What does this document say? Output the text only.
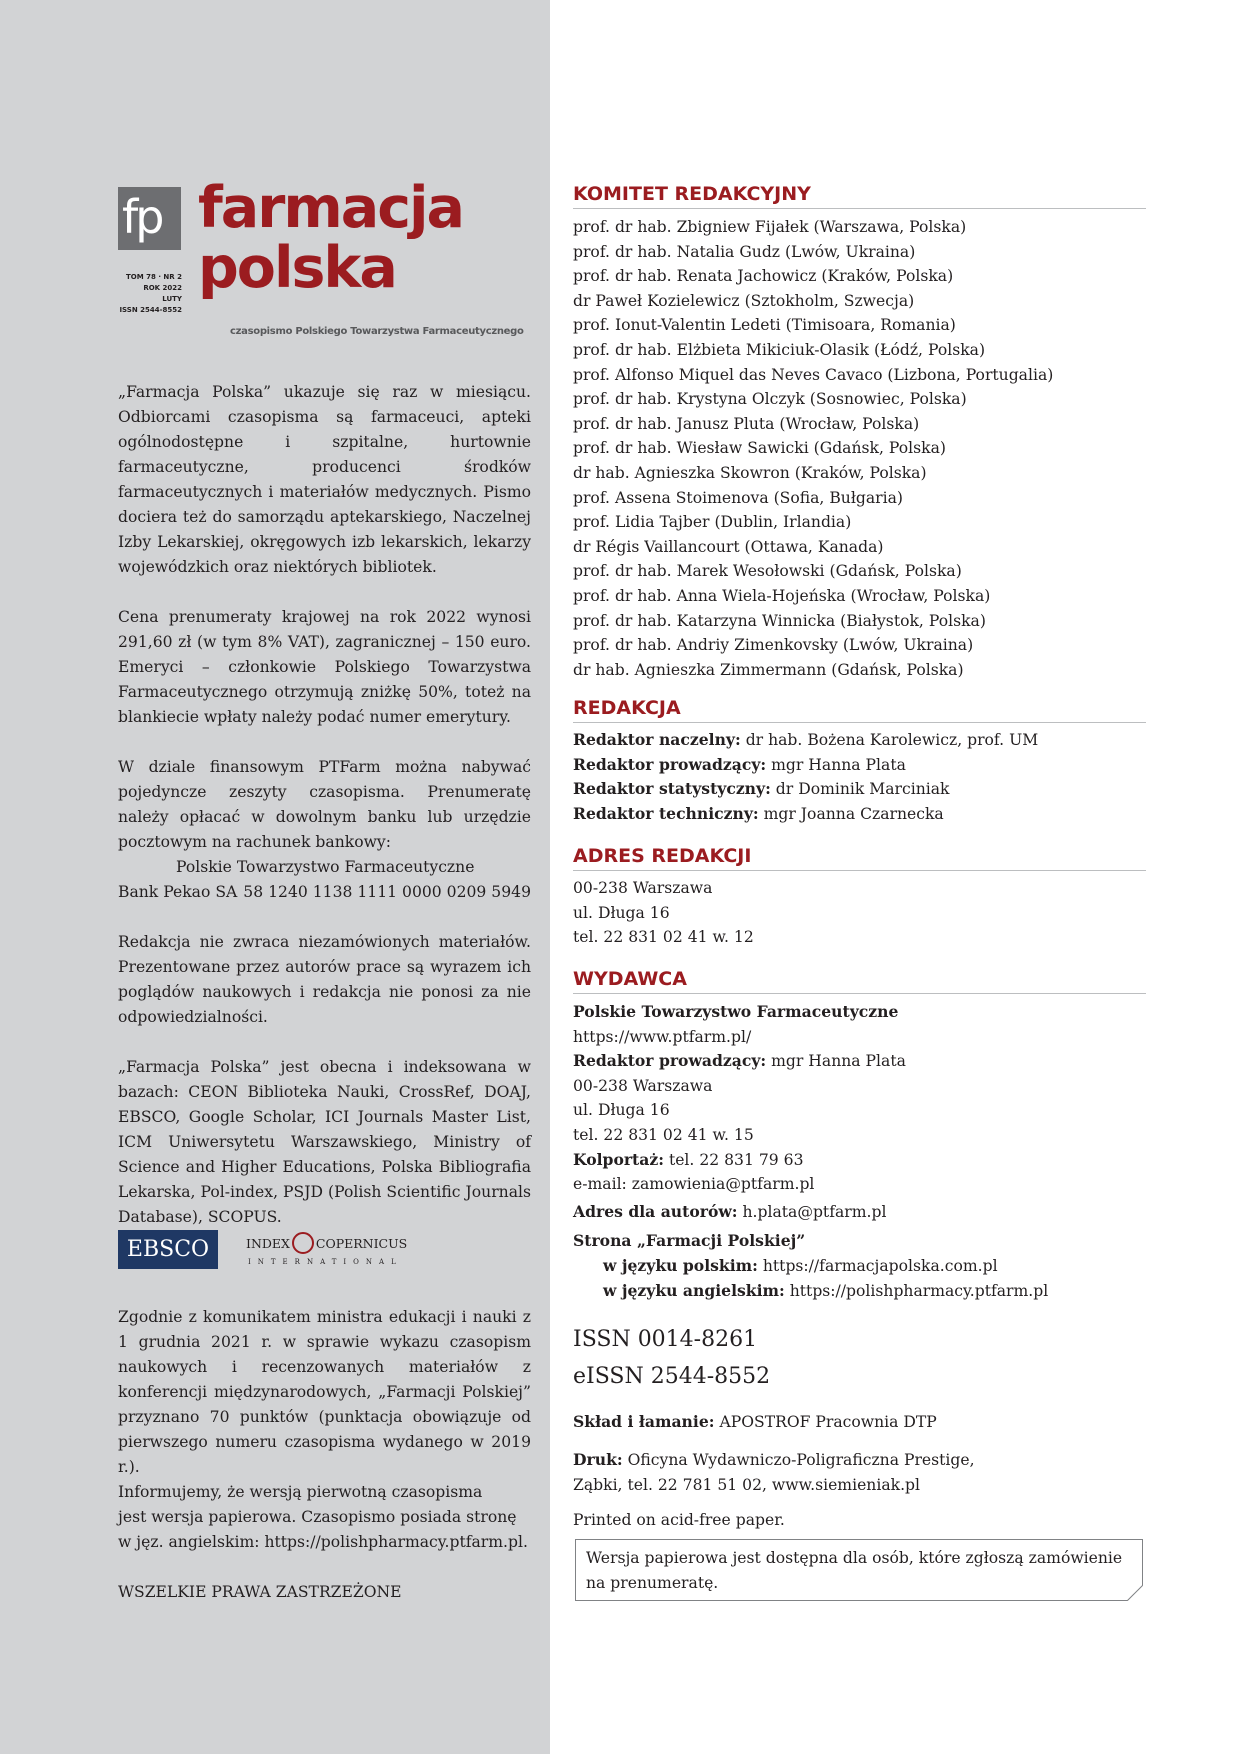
fp
TOM 78 · NR 2
ROK 2022
LUTY
ISSN 2544-8552
farmacja
polska
czasopismo Polskiego Towarzystwa Farmaceutycznego

„Farmacja Polska” ukazuje się raz w miesiącu. Odbiorcami czasopisma są farmaceuci, apteki ogólnodostępne i szpitalne, hurtownie farmaceutyczne, producenci środków farmaceutycznych i materiałów medycznych. Pismo dociera też do samorządu aptekarskiego, Naczelnej Izby Lekarskiej, okręgowych izb lekarskich, lekarzy wojewódzkich oraz niektórych bibliotek.

Cena prenumeraty krajowej na rok 2022 wynosi 291,60 zł (w tym 8% VAT), zagranicznej – 150 euro. Emeryci – członkowie Polskiego Towarzystwa Farmaceutycznego otrzymują zniżkę 50%, toteż na blankiecie wpłaty należy podać numer emerytury.

W dziale finansowym PTFarm można nabywać pojedyncze zeszyty czasopisma. Prenumeratę należy opłacać w dowolnym banku lub urzędzie pocztowym na rachunek bankowy:

Polskie Towarzystwo Farmaceutyczne
Bank Pekao SA 58 1240 1138 1111 0000 0209 5949

Redakcja nie zwraca niezamówionych materiałów. Prezentowane przez autorów prace są wyrazem ich poglądów naukowych i redakcja nie ponosi za nie odpowiedzialności.

„Farmacja Polska” jest obecna i indeksowana w bazach: CEON Biblioteka Nauki, CrossRef, DOAJ, EBSCO, Google Scholar, ICI Journals Master List, ICM Uniwersytetu Warszawskiego, Ministry of Science and Higher Educations, Polska Bibliografia Lekarska, Pol-index, PSJD (Polish Scientific Journals Database), SCOPUS.

EBSCO	INDEX COPERNICUS
INTERNATIONAL

Zgodnie z komunikatem ministra edukacji i nauki z 1 grudnia 2021 r. w sprawie wykazu czasopism naukowych i recenzowanych materiałów z konferencji międzynarodowych, „Farmacji Polskiej” przyznano 70 punktów (punktacja obowiązuje od pierwszego numeru czasopisma wydanego w 2019 r.).

Informujemy, że wersją pierwotną czasopisma
jest wersja papierowa. Czasopismo posiada stronę
w jęz. angielskim: https://polishpharmacy.ptfarm.pl.
WSZELKIE PRAWA ZASTRZEŻONE
KOMITET REDAKCYJNY
prof. dr hab. Zbigniew Fijałek (Warszawa, Polska)
prof. dr hab. Natalia Gudz (Lwów, Ukraina)
prof. dr hab. Renata Jachowicz (Kraków, Polska)
dr Paweł Kozielewicz (Sztokholm, Szwecja)
prof. Ionut-Valentin Ledeti (Timisoara, Romania)
prof. dr hab. Elżbieta Mikiciuk-Olasik (Łódź, Polska)
prof. Alfonso Miquel das Neves Cavaco (Lizbona, Portugalia)
prof. dr hab. Krystyna Olczyk (Sosnowiec, Polska)
prof. dr hab. Janusz Pluta (Wrocław, Polska)
prof. dr hab. Wiesław Sawicki (Gdańsk, Polska)
dr hab. Agnieszka Skowron (Kraków, Polska)
prof. Assena Stoimenova (Sofia, Bułgaria)
prof. Lidia Tajber (Dublin, Irlandia)
dr Régis Vaillancourt (Ottawa, Kanada)
prof. dr hab. Marek Wesołowski (Gdańsk, Polska)
prof. dr hab. Anna Wiela-Hojeńska (Wrocław, Polska)
prof. dr hab. Katarzyna Winnicka (Białystok, Polska)
prof. dr hab. Andriy Zimenkovsky (Lwów, Ukraina)
dr hab. Agnieszka Zimmermann (Gdańsk, Polska)
REDAKCJA
Redaktor naczelny: dr hab. Bożena Karolewicz, prof. UM
Redaktor prowadzący: mgr Hanna Plata
Redaktor statystyczny: dr Dominik Marciniak
Redaktor techniczny: mgr Joanna Czarnecka
ADRES REDAKCJI
00-238 Warszawa
ul. Długa 16
tel. 22 831 02 41 w. 12
WYDAWCA
Polskie Towarzystwo Farmaceutyczne
https://www.ptfarm.pl/
Redaktor prowadzący: mgr Hanna Plata
00-238 Warszawa
ul. Długa 16
tel. 22 831 02 41 w. 15
Kolportaż: tel. 22 831 79 63
e-mail: zamowienia@ptfarm.pl
Adres dla autorów: h.plata@ptfarm.pl
Strona „Farmacji Polskiej”
w języku polskim: https://farmacjapolska.com.pl
w języku angielskim: https://polishpharmacy.ptfarm.pl
ISSN 0014-8261
eISSN 2544-8552
Skład i łamanie: APOSTROF Pracownia DTP
Druk: Oficyna Wydawniczo-Poligraficzna Prestige,
Ząbki, tel. 22 781 51 02, www.siemieniak.pl
Printed on acid-free paper.
Wersja papierowa jest dostępna dla osób, które zgłoszą zamówienie na prenumeratę.
